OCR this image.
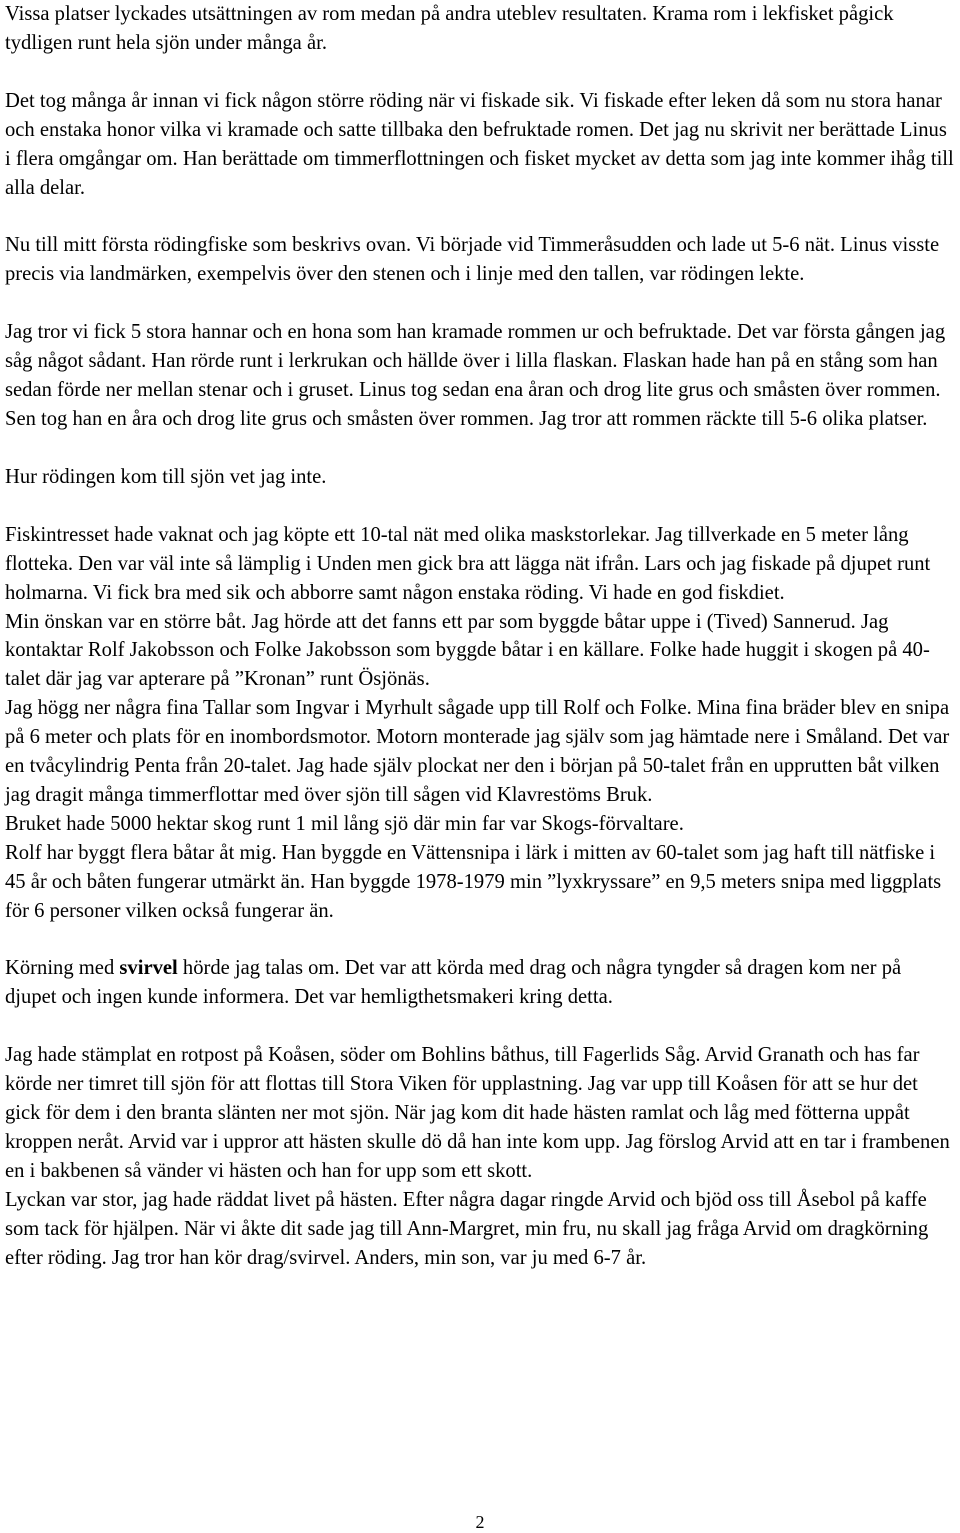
Vissa platser lyckades utsättningen av rom medan på andra uteblev resultaten. Krama rom i lekfisket pågick tydligen runt hela sjön under många år.

Det tog många år innan vi fick någon större röding när vi fiskade sik. Vi fiskade efter leken då som nu stora hanar och enstaka honor vilka vi kramade och satte tillbaka den befruktade romen. Det jag nu skrivit ner berättade Linus i flera omgångar om. Han berättade om timmerflottningen och fisket mycket av detta som jag inte kommer ihåg till alla delar.

Nu till mitt första rödingfiske som beskrivs ovan. Vi började vid Timmeråsudden och lade ut 5-6 nät. Linus visste precis via landmärken, exempelvis över den stenen och i linje med den tallen, var rödingen lekte.

Jag tror vi fick 5 stora hannar och en hona som han kramade rommen ur och befruktade. Det var första gången jag såg något sådant. Han rörde runt i lerkrukan och hällde över i lilla flaskan. Flaskan hade han på en stång som han sedan förde ner mellan stenar och i gruset. Linus tog sedan ena åran och drog lite grus och småsten över rommen. Sen tog han en åra och drog lite grus och småsten över rommen. Jag tror att rommen räckte till 5-6 olika platser.

Hur rödingen kom till sjön vet jag inte.

Fiskintresset hade vaknat och jag köpte ett 10-tal nät med olika maskstorlekar. Jag tillverkade en 5 meter lång flotteka. Den var väl inte så lämplig i Unden men gick bra att lägga nät ifrån. Lars och jag fiskade på djupet runt holmarna. Vi fick bra med sik och abborre samt någon enstaka röding. Vi hade en god fiskdiet.

Min önskan var en större båt. Jag hörde att det fanns ett par som byggde båtar uppe i (Tived) Sannerud. Jag kontaktar Rolf Jakobsson och Folke Jakobsson som byggde båtar i en källare. Folke hade huggit i skogen på 40-talet där jag var apterare på ”Kronan” runt Ösjönäs.

Jag högg ner några fina Tallar som Ingvar i Myrhult sågade upp till Rolf och Folke. Mina fina bräder blev en snipa på 6 meter och plats för en inombordsmotor. Motorn monterade jag själv som jag hämtade nere i Småland. Det var en tvåcylindrig Penta från 20-talet. Jag hade själv plockat ner den i början på 50-talet från en upprutten båt vilken jag dragit många timmerflottar med över sjön till sågen vid Klavrestöms Bruk.

Bruket hade 5000 hektar skog runt 1 mil lång sjö där min far var Skogs-förvaltare.

Rolf har byggt flera båtar åt mig. Han byggde en Vättensnipa i lärk i mitten av 60-talet som jag haft till nätfiske i 45 år och båten fungerar utmärkt än. Han byggde 1978-1979 min ”lyxkryssare” en 9,5 meters snipa med liggplats för 6 personer vilken också fungerar än.

Körning med svirvel hörde jag talas om. Det var att körda med drag och några tyngder så dragen kom ner på djupet och ingen kunde informera. Det var hemligthetsmakeri kring detta.

Jag hade stämplat en rotpost på Koåsen, söder om Bohlins båthus, till Fagerlids Såg. Arvid Granath och has far körde ner timret till sjön för att flottas till Stora Viken för upplastning. Jag var upp till Koåsen för att se hur det gick för dem i den branta slänten ner mot sjön. När jag kom dit hade hästen ramlat och låg med fötterna uppåt kroppen neråt. Arvid var i uppror att hästen skulle dö då han inte kom upp. Jag förslog Arvid att en tar i frambenen en i bakbenen så vänder vi hästen och han for upp som ett skott.

Lyckan var stor, jag hade räddat livet på hästen. Efter några dagar ringde Arvid och bjöd oss till Åsebol på kaffe som tack för hjälpen. När vi åkte dit sade jag till Ann-Margret, min fru, nu skall jag fråga Arvid om dragkörning efter röding. Jag tror han kör drag/svirvel. Anders, min son, var ju med 6-7 år.

2
